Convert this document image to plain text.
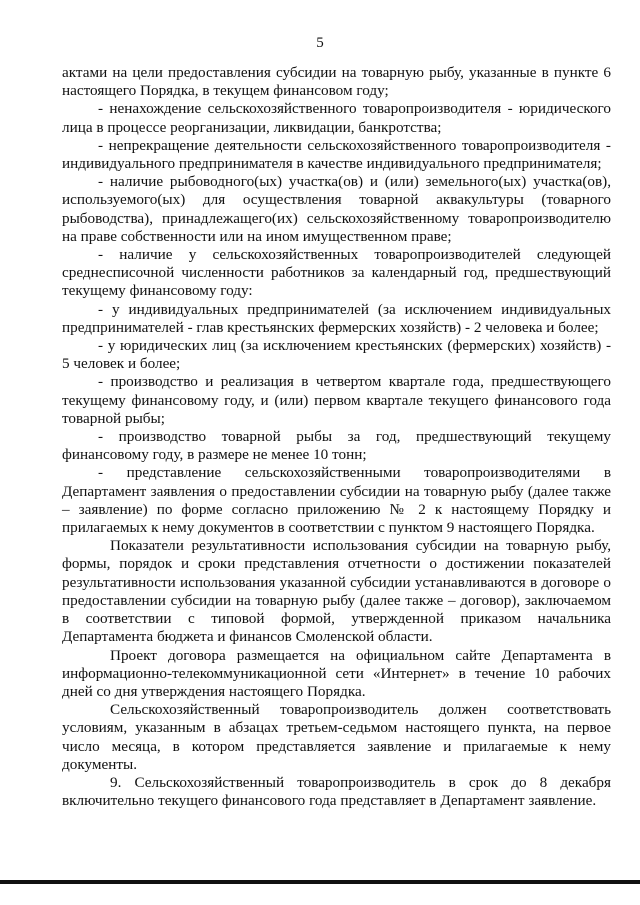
5

актами на цели предоставления субсидии на товарную рыбу, указанные в пункте 6 настоящего Порядка, в текущем финансовом году;

- ненахождение сельскохозяйственного товаропроизводителя - юридического лица в процессе реорганизации, ликвидации, банкротства;

- непрекращение деятельности сельскохозяйственного товаропроизводителя - индивидуального предпринимателя в качестве индивидуального предпринимателя;

- наличие рыбоводного(ых) участка(ов) и (или) земельного(ых) участка(ов), используемого(ых) для осуществления товарной аквакультуры (товарного рыбоводства), принадлежащего(их) сельскохозяйственному товаропроизводителю на праве собственности или на ином имущественном праве;

- наличие у сельскохозяйственных товаропроизводителей следующей среднесписочной численности работников за календарный год, предшествующий текущему финансовому году:

- у индивидуальных предпринимателей (за исключением индивидуальных предпринимателей - глав крестьянских фермерских хозяйств) - 2 человека и более;

- у юридических лиц (за исключением крестьянских (фермерских) хозяйств) - 5 человек и более;

- производство и реализация в четвертом квартале года, предшествующего текущему финансовому году, и (или) первом квартале текущего финансового года товарной рыбы;

- производство товарной рыбы за год, предшествующий текущему финансовому году, в размере не менее 10 тонн;

- представление сельскохозяйственными товаропроизводителями в Департамент заявления о предоставлении субсидии на товарную рыбу (далее также – заявление) по форме согласно приложению № 2 к настоящему Порядку и прилагаемых к нему документов в соответствии с пунктом 9 настоящего Порядка.

Показатели результативности использования субсидии на товарную рыбу, формы, порядок и сроки представления отчетности о достижении показателей результативности использования указанной субсидии устанавливаются в договоре о предоставлении субсидии на товарную рыбу (далее также – договор), заключаемом в соответствии с типовой формой, утвержденной приказом начальника Департамента бюджета и финансов Смоленской области.

Проект договора размещается на официальном сайте Департамента в информационно-телекоммуникационной сети «Интернет» в течение 10 рабочих дней со дня утверждения настоящего Порядка.

Сельскохозяйственный товаропроизводитель должен соответствовать условиям, указанным в абзацах третьем-седьмом настоящего пункта, на первое число месяца, в котором представляется заявление и прилагаемые к нему документы.

9. Сельскохозяйственный товаропроизводитель в срок до 8 декабря включительно текущего финансового года представляет в Департамент заявление.
